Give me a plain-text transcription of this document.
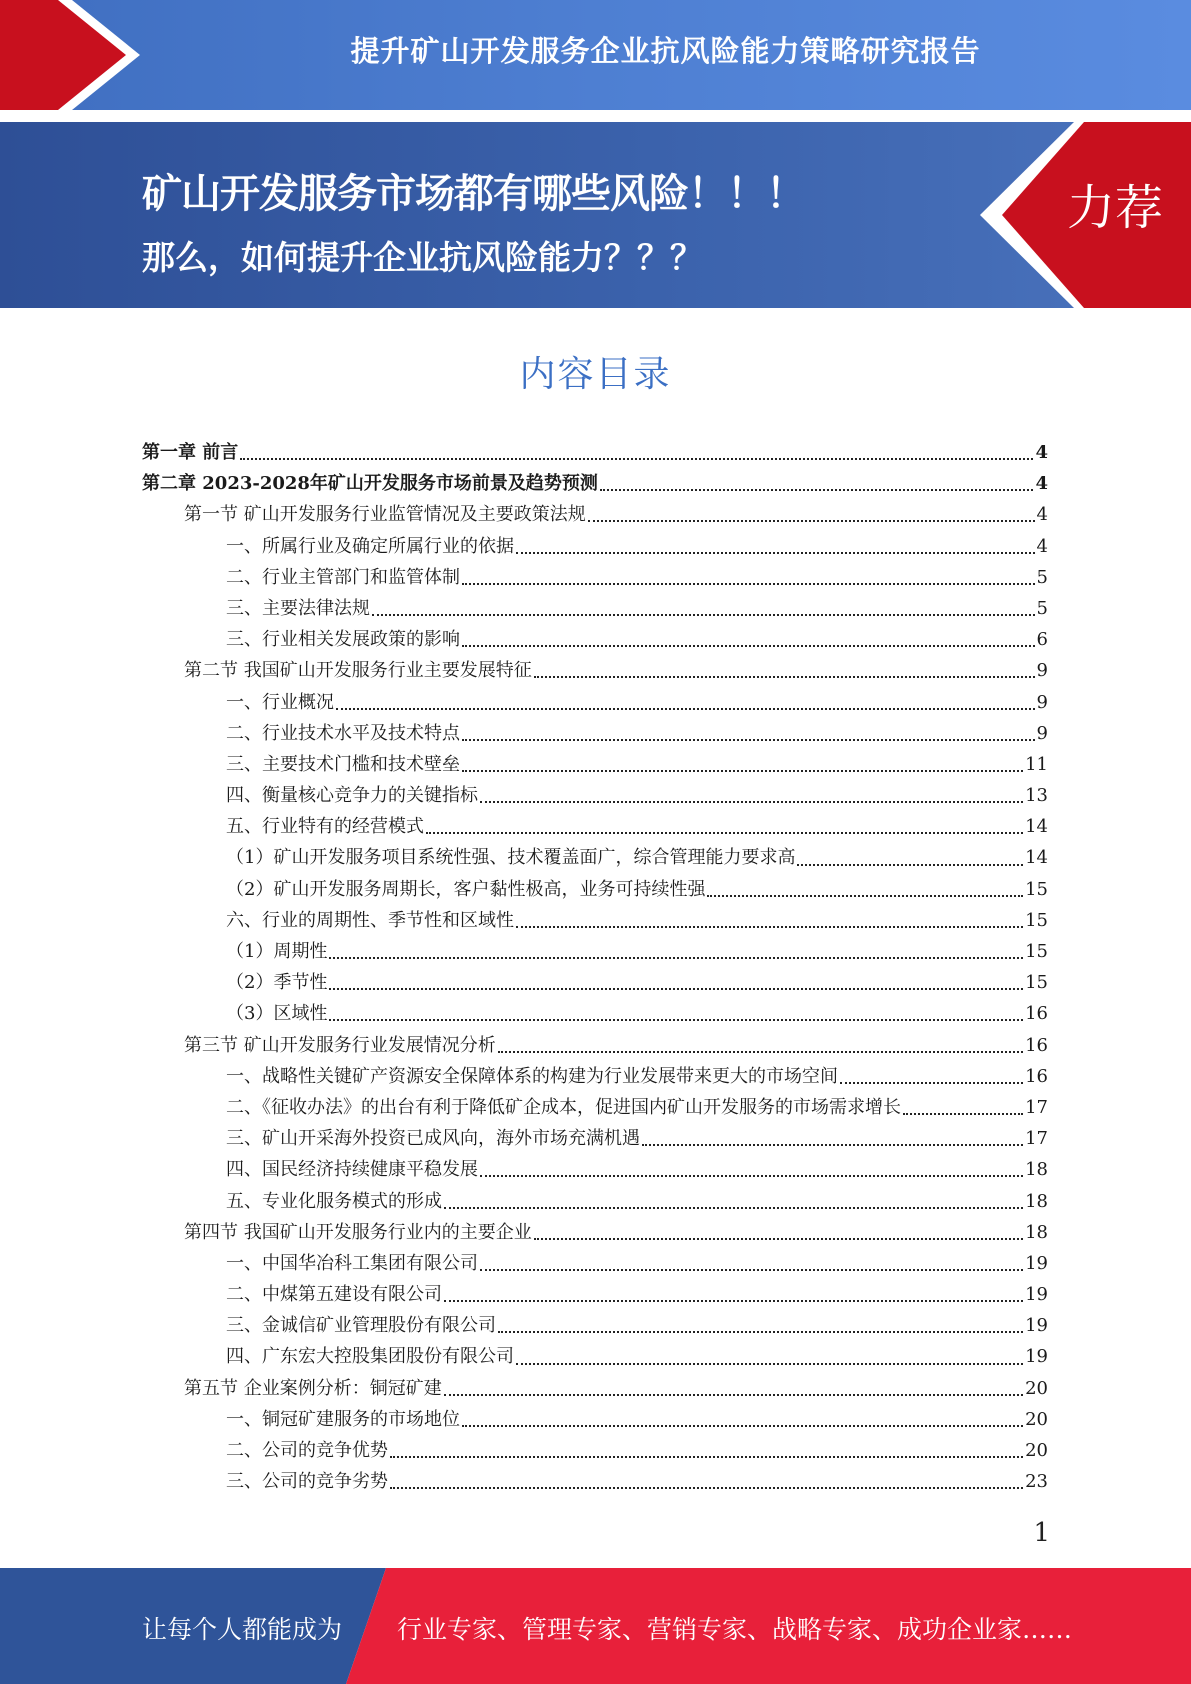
提升矿山开发服务企业抗风险能力策略研究报告
矿山开发服务市场都有哪些风险！！！
那么，如何提升企业抗风险能力？？？
力荐
内容目录
第一章 前言	4
第二章 2023-2028年矿山开发服务市场前景及趋势预测	4
第一节 矿山开发服务行业监管情况及主要政策法规	4
一、所属行业及确定所属行业的依据	4
二、行业主管部门和监管体制	5
三、主要法律法规	5
三、行业相关发展政策的影响	6
第二节 我国矿山开发服务行业主要发展特征	9
一、行业概况	9
二、行业技术水平及技术特点	9
三、主要技术门槛和技术壁垒	11
四、衡量核心竞争力的关键指标	13
五、行业特有的经营模式	14
（1）矿山开发服务项目系统性强、技术覆盖面广，综合管理能力要求高	14
（2）矿山开发服务周期长，客户黏性极高，业务可持续性强	15
六、行业的周期性、季节性和区域性	15
（1）周期性	15
（2）季节性	15
（3）区域性	16
第三节 矿山开发服务行业发展情况分析	16
一、战略性关键矿产资源安全保障体系的构建为行业发展带来更大的市场空间	16
二、《征收办法》的出台有利于降低矿企成本，促进国内矿山开发服务的市场需求增长	17
三、矿山开采海外投资已成风向，海外市场充满机遇	17
四、国民经济持续健康平稳发展	18
五、专业化服务模式的形成	18
第四节 我国矿山开发服务行业内的主要企业	18
一、中国华冶科工集团有限公司	19
二、中煤第五建设有限公司	19
三、金诚信矿业管理股份有限公司	19
四、广东宏大控股集团股份有限公司	19
第五节 企业案例分析：铜冠矿建	20
一、铜冠矿建服务的市场地位	20
二、公司的竞争优势	20
三、公司的竞争劣势	23
1
让每个人都能成为 行业专家、管理专家、营销专家、战略专家、成功企业家……
